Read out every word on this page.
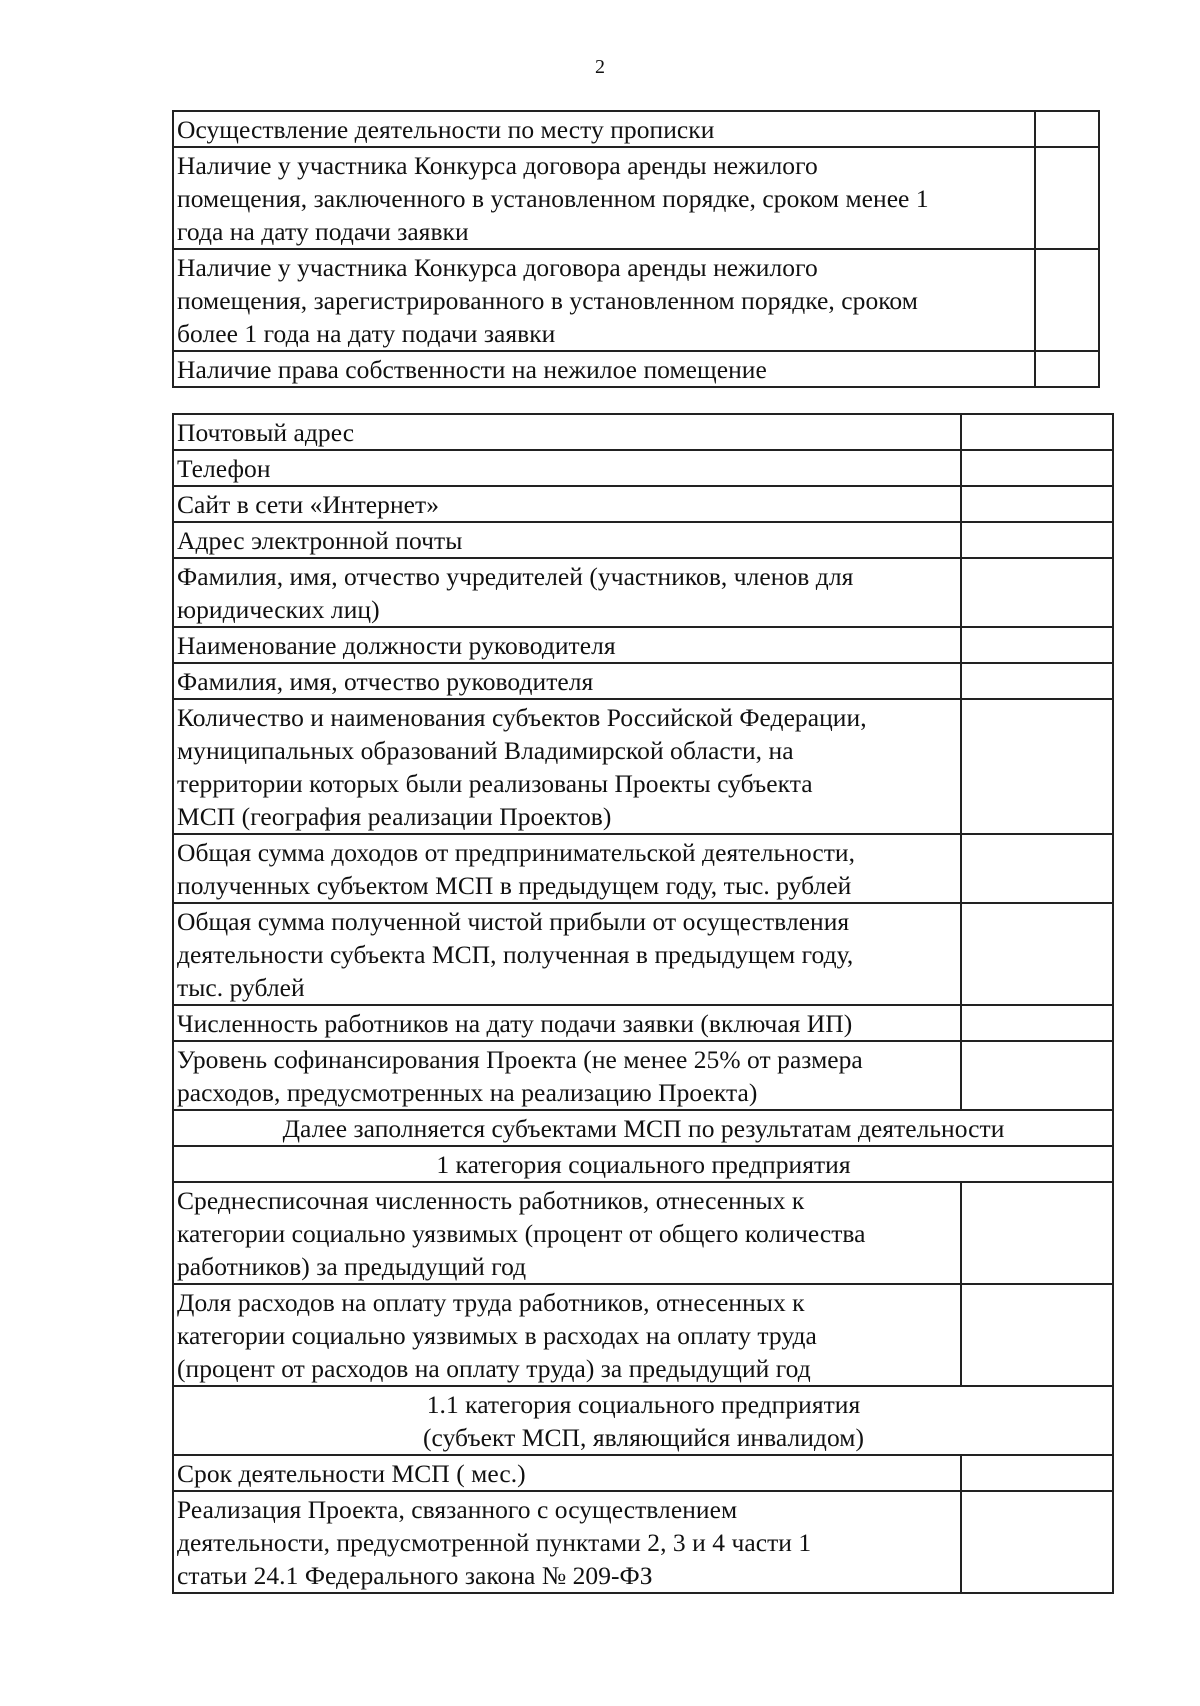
2
Осуществление деятельности по месту прописки	

Наличие у участника Конкурса договора аренды нежилого
помещения, заключенного в установленном порядке, сроком менее 1
года на дату подачи заявки	

Наличие у участника Конкурса договора аренды нежилого
помещения, зарегистрированного в установленном порядке, сроком
более 1 года на дату подачи заявки	

Наличие права собственности на нежилое помещение	

Почтовый адрес	

Телефон	

Сайт в сети «Интернет»	

Адрес электронной почты	

Фамилия, имя, отчество учредителей (участников, членов для
юридических лиц)	

Наименование должности руководителя	

Фамилия, имя, отчество руководителя	

Количество и наименования субъектов Российской Федерации,
муниципальных образований Владимирской области, на
территории которых были реализованы Проекты субъекта
МСП (география реализации Проектов)	

Общая сумма доходов от предпринимательской деятельности,
полученных субъектом МСП в предыдущем году, тыс. рублей	

Общая сумма полученной чистой прибыли от осуществления
деятельности субъекта МСП, полученная в предыдущем году,
тыс. рублей	

Численность работников на дату подачи заявки (включая ИП)	

Уровень софинансирования Проекта (не менее 25% от размера
расходов, предусмотренных на реализацию Проекта)	

Далее заполняется субъектами МСП по результатам деятельности	
1 категория социального предприятия	

Среднесписочная численность работников, отнесенных к
категории социально уязвимых (процент от общего количества
работников) за предыдущий год	

Доля расходов на оплату труда работников, отнесенных к
категории социально уязвимых в расходах на оплату труда
(процент от расходов на оплату труда) за предыдущий год	

1.1 категория социального предприятия
(субъект МСП, являющийся инвалидом)	

Срок деятельности МСП ( мес.)	

Реализация Проекта, связанного с осуществлением
деятельности, предусмотренной пунктами 2, 3 и 4 части 1
статьи 24.1 Федерального закона № 209-ФЗ	
